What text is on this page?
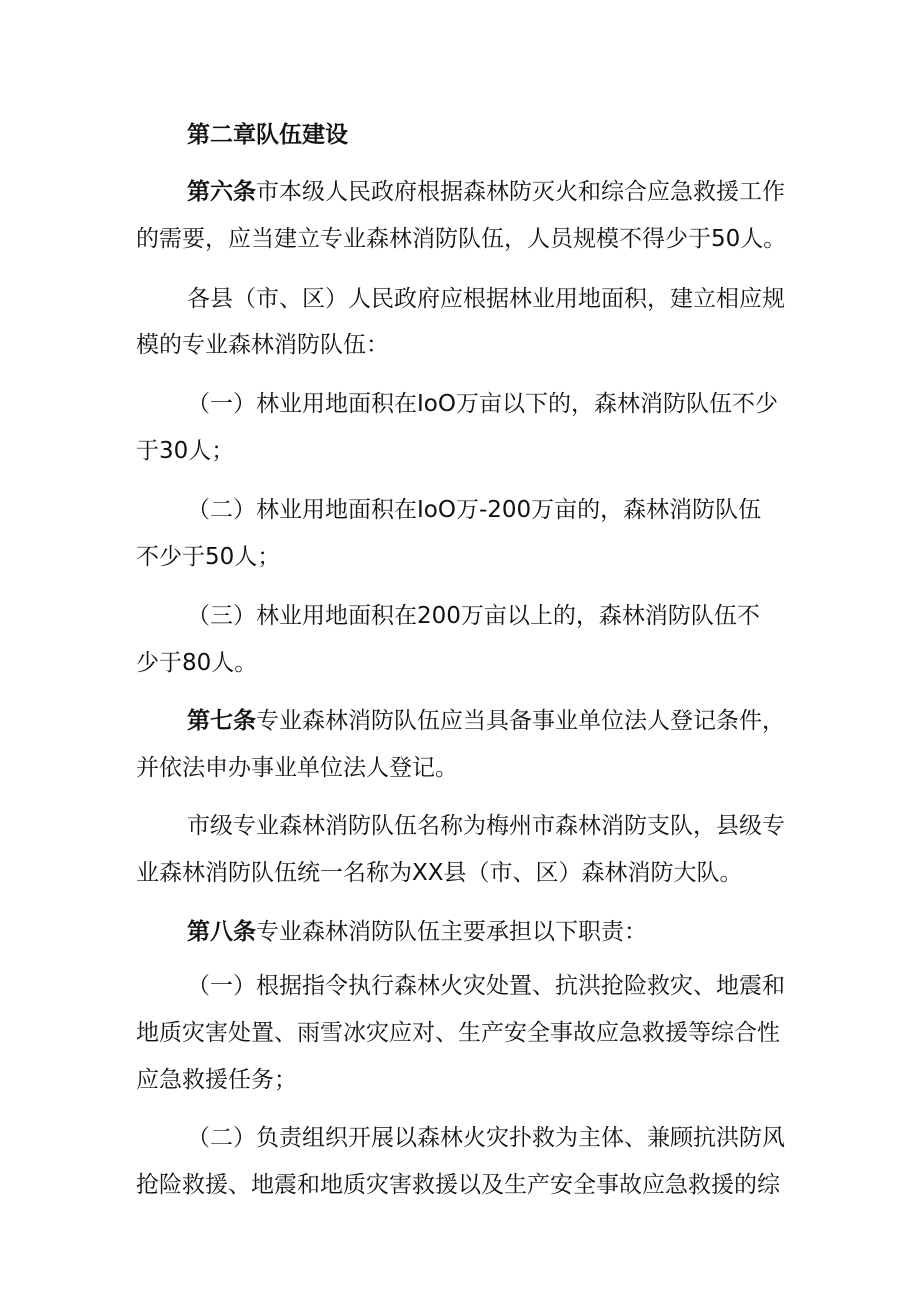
第二章队伍建设
第六条市本级人民政府根据森林防灭火和综合应急救援工作
的需要，应当建立专业森林消防队伍，人员规模不得少于50人。
各县（市、区）人民政府应根据林业用地面积，建立相应规
模的专业森林消防队伍：
（一）林业用地面积在IoO万亩以下的，森林消防队伍不少
于30人；
（二）林业用地面积在IoO万-200万亩的，森林消防队伍
不少于50人；
（三）林业用地面积在200万亩以上的，森林消防队伍不
少于80人。
第七条专业森林消防队伍应当具备事业单位法人登记条件，
并依法申办事业单位法人登记。
市级专业森林消防队伍名称为梅州市森林消防支队，县级专
业森林消防队伍统一名称为XX县（市、区）森林消防大队。
第八条专业森林消防队伍主要承担以下职责：
（一）根据指令执行森林火灾处置、抗洪抢险救灾、地震和
地质灾害处置、雨雪冰灾应对、生产安全事故应急救援等综合性
应急救援任务；
（二）负责组织开展以森林火灾扑救为主体、兼顾抗洪防风
抢险救援、地震和地质灾害救援以及生产安全事故应急救援的综
